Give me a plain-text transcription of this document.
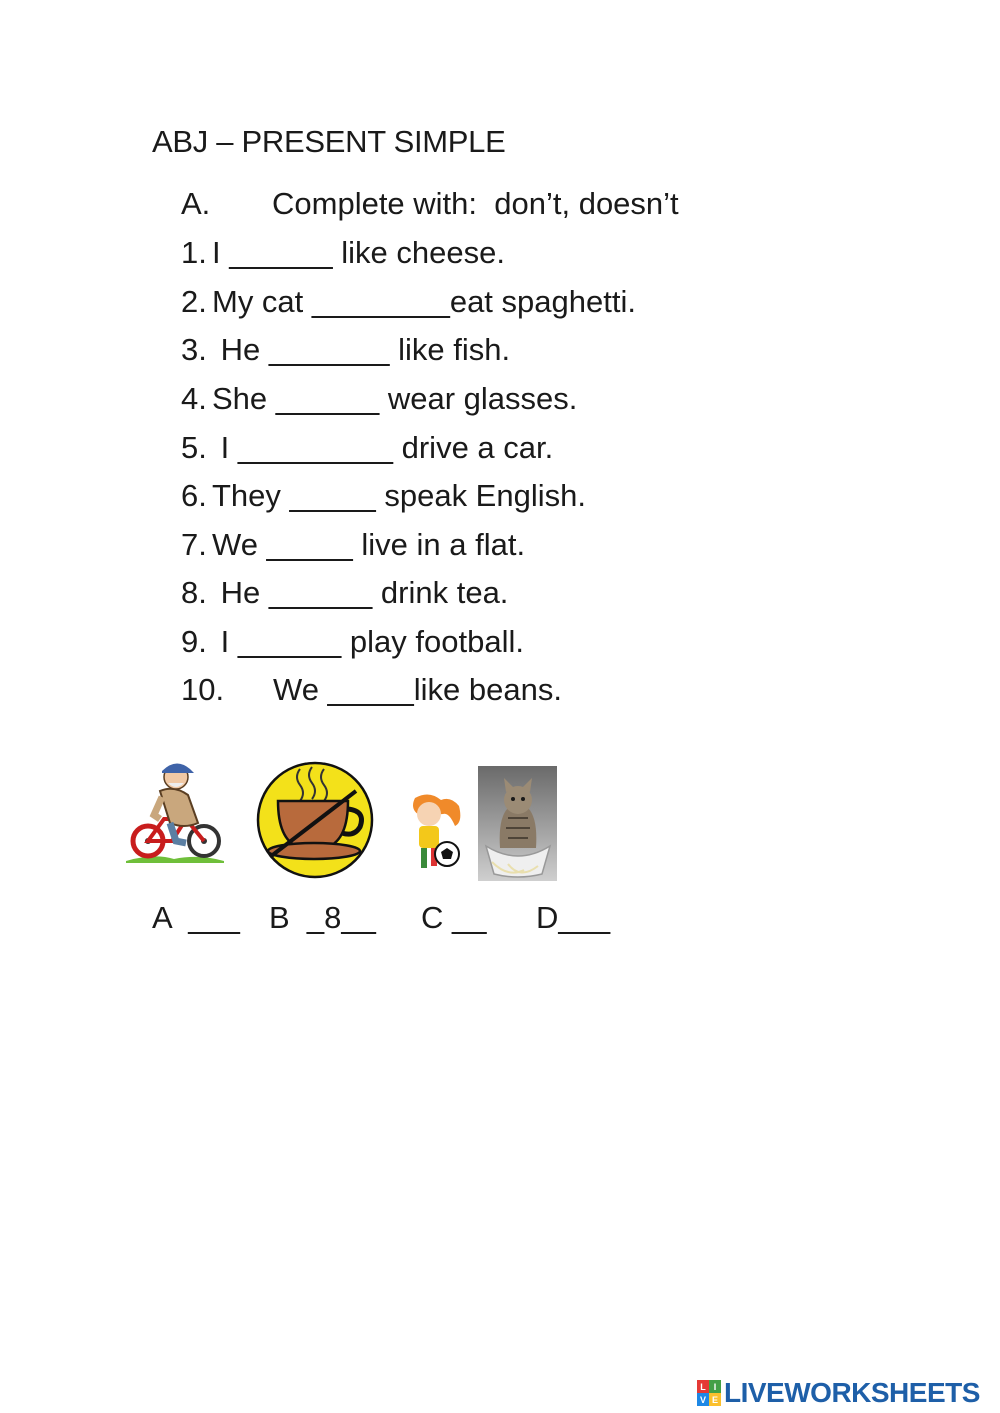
ABJ – PRESENT SIMPLE
A. Complete with:  don’t, doesn’t
1. I ______ like cheese.
2. My cat ________eat spaghetti.
3. He _______ like fish.
4. She ______ wear glasses.
5. I _________ drive a car.
6. They _____ speak English.
7. We _____ live in a flat.
8. He ______ drink tea.
9. I ______ play football.
10. We _____like beans.

A  ___

B  _8__

C __

D___

L I
V E LIVEWORKSHEETS
